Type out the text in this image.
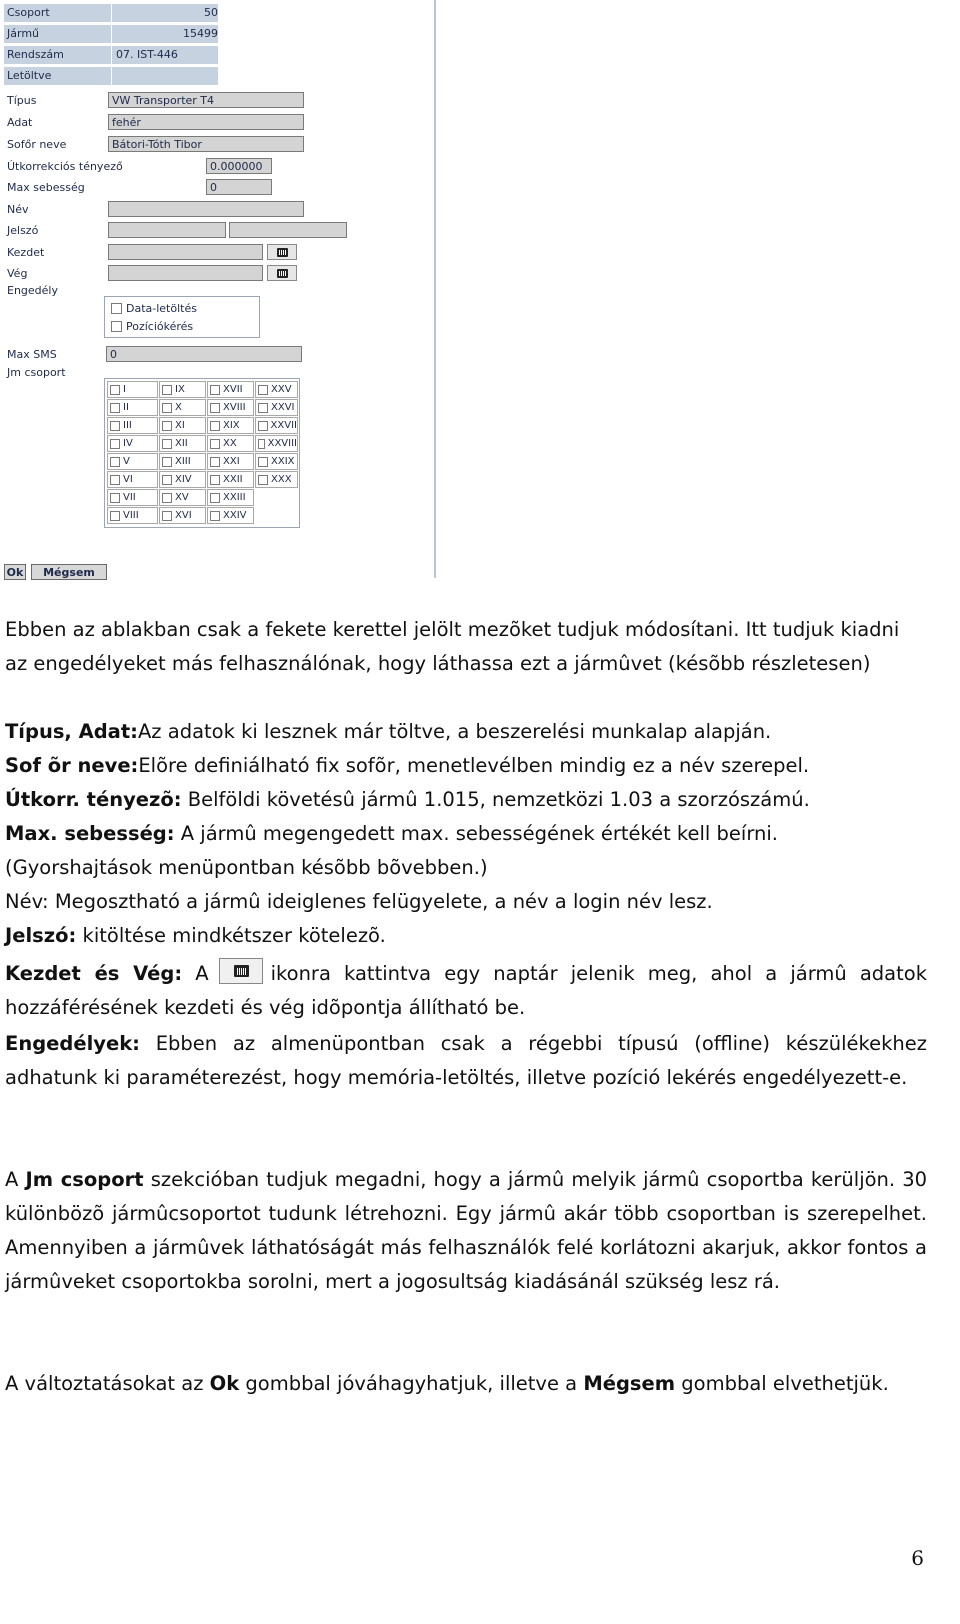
Csoport	50
Jármű	15499
Rendszám	07. IST-446
Letöltve
Típus	VW Transporter T4
Adat	fehér
Sofőr neve	Bátori-Tóth Tibor
Útkorrekciós tényező	0.000000
Max sebesség	0
Név
Jelszó
Kezdet
Vég
Engedély
Data-letöltés
Pozíciókérés
Max SMS	0
Jm csoport
I	IX	XVII	XXV
II	X	XVIII	XXVI
III	XI	XIX	XXVII
IV	XII	XX	XXVIII
V	XIII	XXI	XXIX
VI	XIV	XXII	XXX
VII	XV	XXIII
VIII	XVI	XXIV
Ok	Mégsem
Ebben az ablakban csak a fekete kerettel jelölt mezõket tudjuk módosítani. Itt tudjuk kiadni az engedélyeket más felhasználónak, hogy láthassa ezt a jármûvet (késõbb részletesen)
Típus, Adat:Az adatok ki lesznek már töltve, a beszerelési munkalap alapján.
Sof õr neve:Elõre definiálható fix sofõr, menetlevélben mindig ez a név szerepel.
Útkorr. tényezõ: Belföldi követésû jármû 1.015, nemzetközi 1.03 a szorzószámú.
Max. sebesség: A jármû megengedett max. sebességének értékét kell beírni. (Gyorshajtások menüpontban késõbb bõvebben.)
Név: Megosztható a jármû ideiglenes felügyelete, a név a login név lesz.
Jelszó: kitöltése mindkétszer kötelezõ.
Kezdet és Vég: A	ikonra kattintva egy naptár jelenik meg, ahol a jármû adatok hozzáférésének kezdeti és vég idõpontja állítható be.
Engedélyek: Ebben az almenüpontban csak a régebbi típusú (offline) készülékekhez adhatunk ki paraméterezést, hogy memória-letöltés, illetve pozíció lekérés engedélyezett-e.
A Jm csoport szekcióban tudjuk megadni, hogy a jármû melyik jármû csoportba kerüljön. 30 különbözõ jármûcsoportot tudunk létrehozni. Egy jármû akár több csoportban is szerepelhet. Amennyiben a jármûvek láthatóságát más felhasználók felé korlátozni akarjuk, akkor fontos a jármûveket csoportokba sorolni, mert a jogosultság kiadásánál szükség lesz rá.
A változtatásokat az Ok gombbal jóváhagyhatjuk, illetve a Mégsem gombbal elvethetjük.
6
